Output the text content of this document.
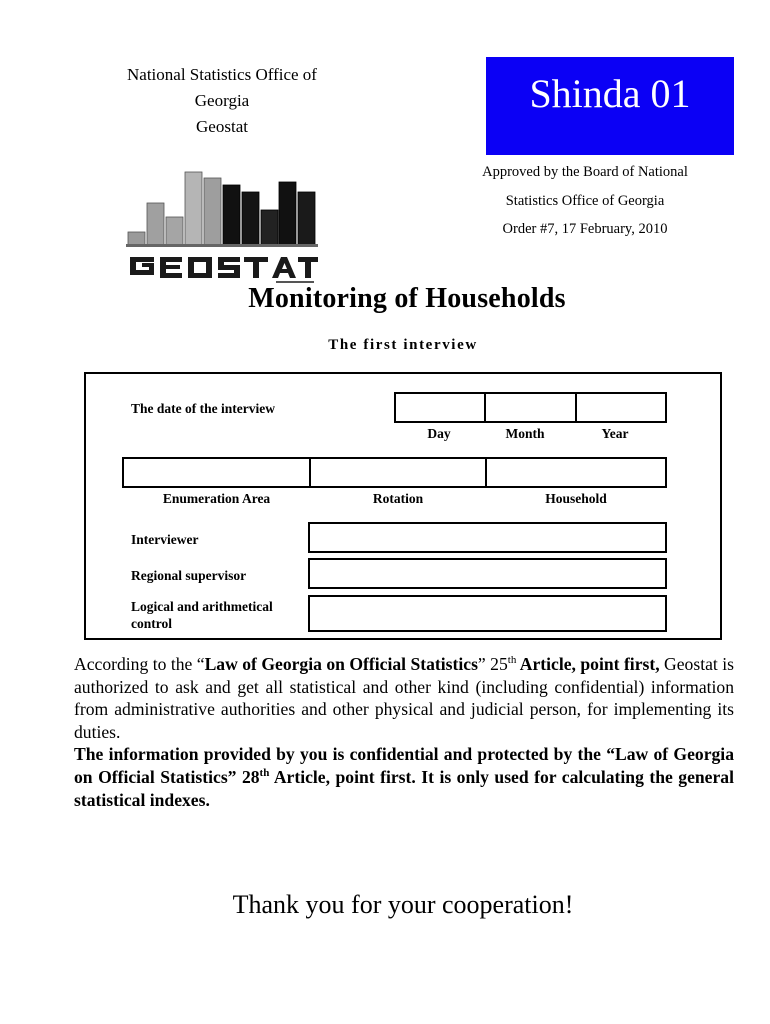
National Statistics Office of
Georgia
Geostat
Shinda 01
Approved by the Board of National
Statistics Office of Georgia
Order #7, 17 February, 2010
Monitoring of Households
The first interview
The date of the interview
Day	Month	Year
Enumeration Area	Rotation	Household
Interviewer
Regional supervisor
Logical and arithmetical
control

According to the “Law of Georgia on Official Statistics” 25th Article, point first, Geostat is authorized to ask and get all statistical and other kind (including confidential) information from administrative authorities and other physical and judicial person, for implementing its duties.

The information provided by you is confidential and protected by the “Law of Georgia on Official Statistics” 28th Article, point first. It is only used for calculating the general statistical indexes.

Thank you for your cooperation!
